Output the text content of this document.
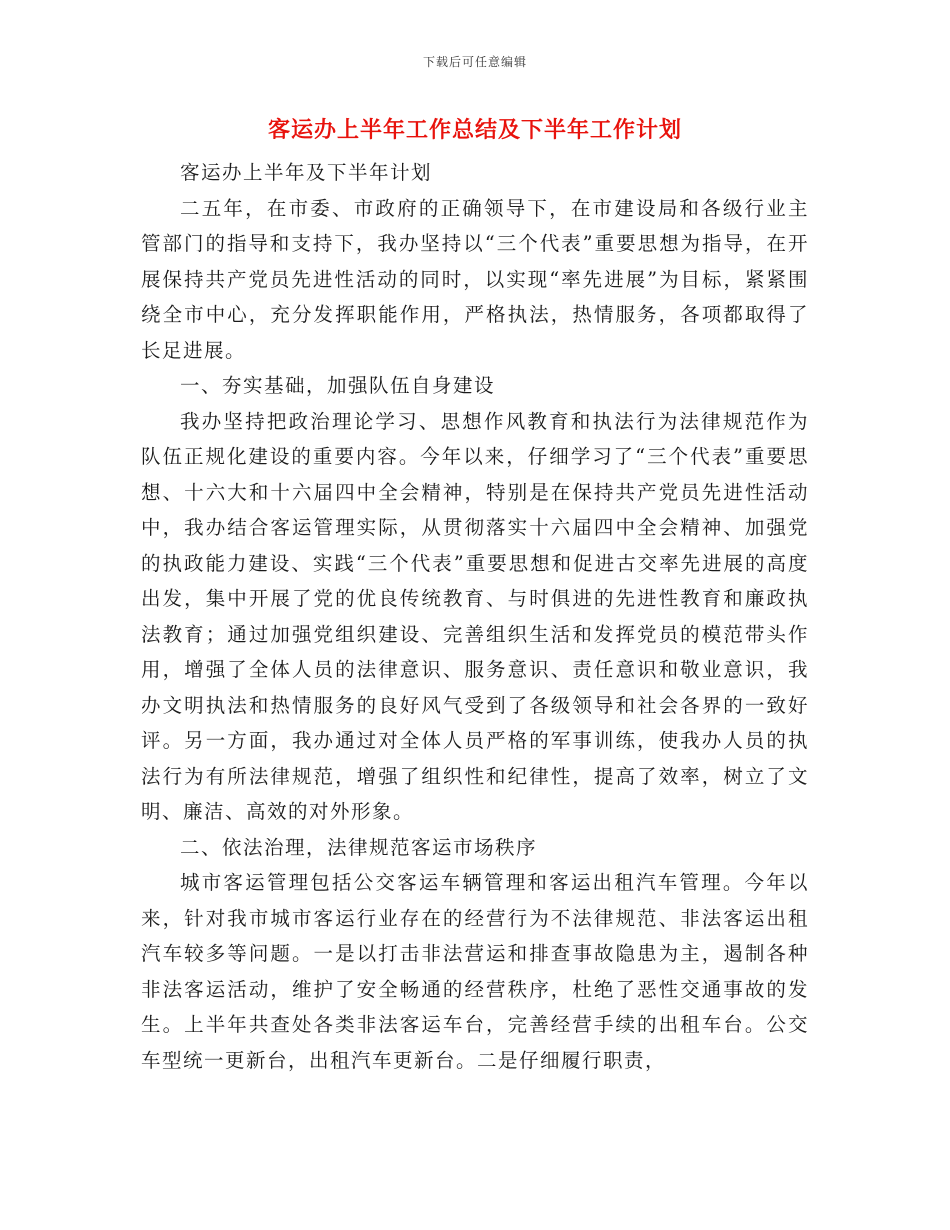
下载后可任意编辑
客运办上半年工作总结及下半年工作计划

客运办上半年及下半年计划

二五年，在市委、市政府的正确领导下，在市建设局和各级行业主管部门的指导和支持下，我办坚持以“三个代表”重要思想为指导，在开展保持共产党员先进性活动的同时，以实现“率先进展”为目标，紧紧围绕全市中心，充分发挥职能作用，严格执法，热情服务，各项都取得了长足进展。

一、夯实基础，加强队伍自身建设

我办坚持把政治理论学习、思想作风教育和执法行为法律规范作为队伍正规化建设的重要内容。今年以来，仔细学习了“三个代表”重要思想、十六大和十六届四中全会精神，特别是在保持共产党员先进性活动中，我办结合客运管理实际，从贯彻落实十六届四中全会精神、加强党的执政能力建设、实践“三个代表”重要思想和促进古交率先进展的高度出发，集中开展了党的优良传统教育、与时俱进的先进性教育和廉政执法教育；通过加强党组织建设、完善组织生活和发挥党员的模范带头作用，增强了全体人员的法律意识、服务意识、责任意识和敬业意识，我办文明执法和热情服务的良好风气受到了各级领导和社会各界的一致好评。另一方面，我办通过对全体人员严格的军事训练，使我办人员的执法行为有所法律规范，增强了组织性和纪律性，提高了效率，树立了文明、廉洁、高效的对外形象。

二、依法治理，法律规范客运市场秩序

城市客运管理包括公交客运车辆管理和客运出租汽车管理。今年以来，针对我市城市客运行业存在的经营行为不法律规范、非法客运出租汽车较多等问题。一是以打击非法营运和排查事故隐患为主，遏制各种非法客运活动，维护了安全畅通的经营秩序，杜绝了恶性交通事故的发生。上半年共查处各类非法客运车台，完善经营手续的出租车台。公交车型统一更新台，出租汽车更新台。二是仔细履行职责，
